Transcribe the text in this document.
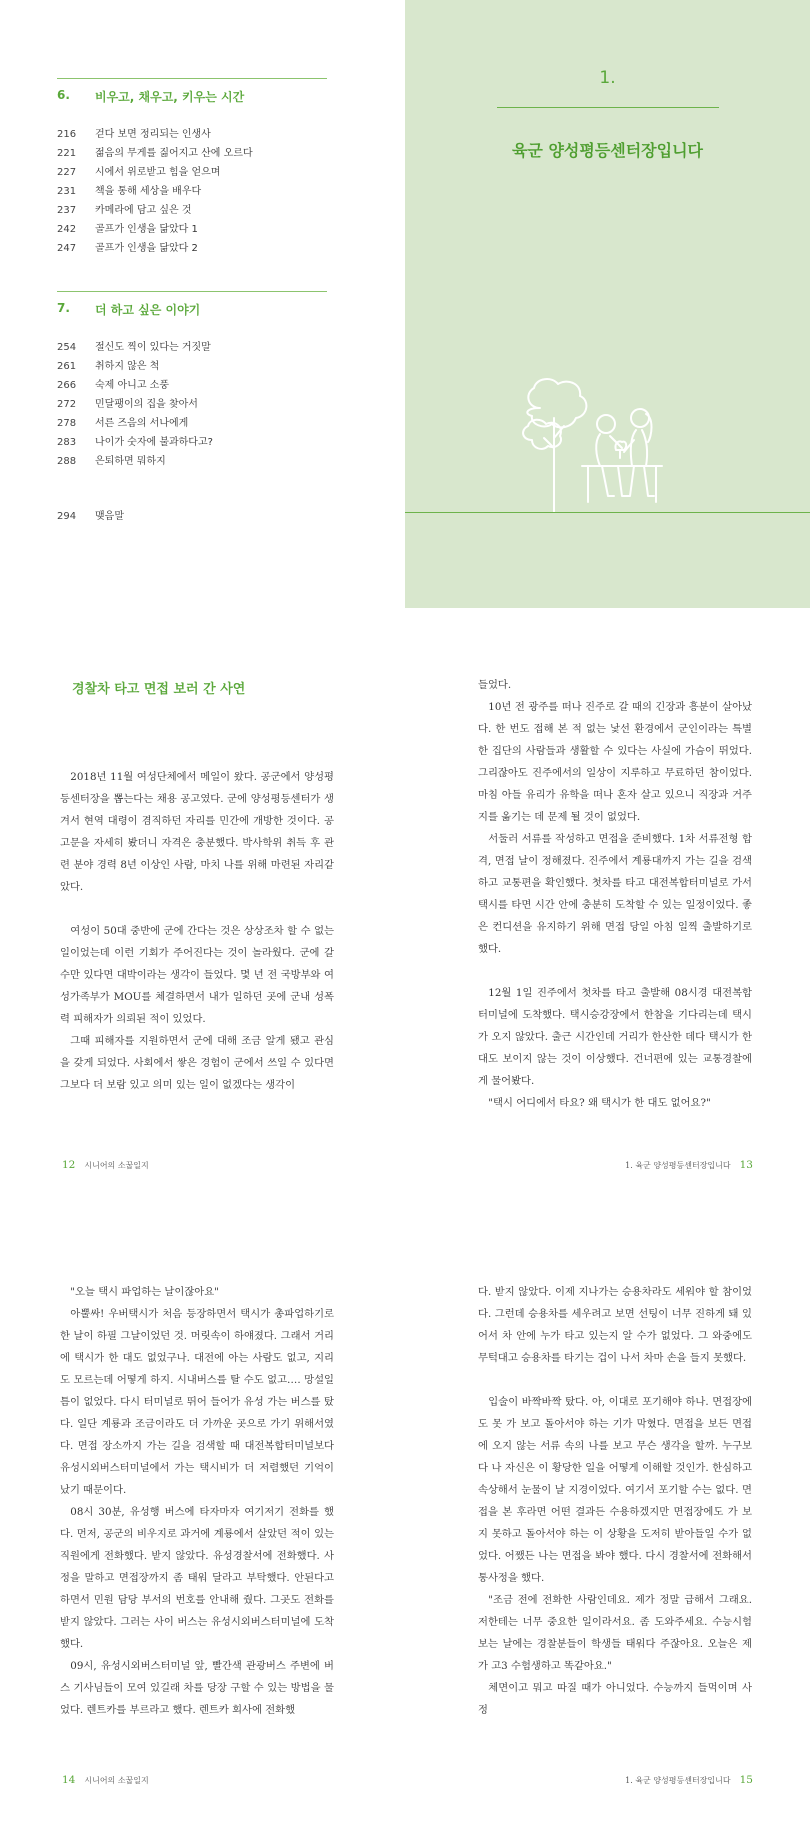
6.	비우고, 채우고, 키우는 시간
216	걷다 보면 정리되는 인생사
221	젊음의 무게를 짊어지고 산에 오르다
227	시에서 위로받고 힘을 얻으며
231	책을 통해 세상을 배우다
237	카메라에 담고 싶은 것
242	골프가 인생을 닮았다 1
247	골프가 인생을 닮았다 2
7.	더 하고 싶은 이야기
254	절신도 찍이 있다는 거짓말
261	취하지 않은 척
266	숙제 아니고 소풍
272	민달팽이의 집을 찾아서
278	서른 즈음의 서나에게
283	나이가 숫자에 불과하다고?
288	은퇴하면 뭐하지
294	맺음말
1.
육군 양성평등센터장입니다
경찰차 타고 면접 보러 간 사연

2018년 11월 여성단체에서 메일이 왔다. 공군에서 양성평등센터장을 뽑는다는 채용 공고였다. 군에 양성평등센터가 생겨서 현역 대령이 겸직하던 자리를 민간에 개방한 것이다. 공고문을 자세히 봤더니 자격은 충분했다. 박사학위 취득 후 관련 분야 경력 8년 이상인 사람, 마치 나를 위해 마련된 자리같았다.

여성이 50대 중반에 군에 간다는 것은 상상조차 할 수 없는 일이었는데 이런 기회가 주어진다는 것이 놀라웠다. 군에 갈 수만 있다면 대박이라는 생각이 들었다. 몇 년 전 국방부와 여성가족부가 MOU를 체결하면서 내가 일하던 곳에 군내 성폭력 피해자가 의뢰된 적이 있었다.

그때 피해자를 지원하면서 군에 대해 조금 알게 됐고 관심을 갖게 되었다. 사회에서 쌓은 경험이 군에서 쓰일 수 있다면 그보다 더 보람 있고 의미 있는 일이 없겠다는 생각이

12 시니어의 소꿉일지

들었다.

10년 전 광주를 떠나 진주로 갈 때의 긴장과 흥분이 살아났다. 한 번도 접해 본 적 없는 낯선 환경에서 군인이라는 특별한 집단의 사람들과 생활할 수 있다는 사실에 가슴이 뛰었다. 그리잖아도 진주에서의 일상이 지루하고 무료하던 참이었다. 마침 아들 유리가 유학을 떠나 혼자 살고 있으니 직장과 거주지를 옮기는 데 문제 될 것이 없었다.

서둘러 서류를 작성하고 면접을 준비했다. 1차 서류전형 합격, 면접 날이 정해졌다. 진주에서 계룡대까지 가는 길을 검색하고 교통편을 확인했다. 첫차를 타고 대전복합터미널로 가서 택시를 타면 시간 안에 충분히 도착할 수 있는 일정이었다. 좋은 컨디션을 유지하기 위해 면접 당일 아침 일찍 출발하기로 했다.

12월 1일 진주에서 첫차를 타고 출발해 08시경 대전복합터미널에 도착했다. 택시승강장에서 한참을 기다리는데 택시가 오지 않았다. 출근 시간인데 거리가 한산한 데다 택시가 한 대도 보이지 않는 것이 이상했다. 건너편에 있는 교통경찰에게 물어봤다.

"택시 어디에서 타요? 왜 택시가 한 대도 없어요?"

1. 육군 양성평등센터장입니다 13

"오늘 택시 파업하는 날이잖아요"

아뿔싸! 우버택시가 처음 등장하면서 택시가 총파업하기로 한 날이 하필 그날이었던 것. 머릿속이 하얘졌다. 그래서 거리에 택시가 한 대도 없었구나. 대전에 아는 사람도 없고, 지리도 모르는데 어떻게 하지. 시내버스를 탈 수도 없고…. 망설일 틈이 없었다. 다시 터미널로 뛰어 들어가 유성 가는 버스를 탔다. 일단 계룡과 조금이라도 더 가까운 곳으로 가기 위해서였다. 면접 장소까지 가는 길을 검색할 때 대전복합터미널보다 유성시외버스터미널에서 가는 택시비가 더 저렴했던 기억이 났기 때문이다.

08시 30분, 유성행 버스에 타자마자 여기저기 전화를 했다. 먼저, 공군의 비우지로 과거에 계룡에서 살았던 적이 있는 직원에게 전화했다. 받지 않았다. 유성경찰서에 전화했다. 사정을 말하고 면접장까지 좀 태워 달라고 부탁했다. 안된다고 하면서 민원 담당 부서의 번호를 안내해 줬다. 그곳도 전화를 받지 않았다. 그러는 사이 버스는 유성시외버스터미널에 도착했다.

09시, 유성시외버스터미널 앞, 빨간색 관광버스 주변에 버스 기사님들이 모여 있길래 차를 당장 구할 수 있는 방법을 물었다. 렌트카를 부르라고 했다. 렌트카 회사에 전화했

14 시니어의 소꿉일지

다. 받지 않았다. 이제 지나가는 승용차라도 세워야 할 참이었다. 그런데 승용차를 세우려고 보면 선팅이 너무 진하게 돼 있어서 차 안에 누가 타고 있는지 알 수가 없었다. 그 와중에도 무턱대고 승용차를 타기는 겁이 나서 차마 손을 들지 못했다.

입술이 바짝바짝 탔다. 아, 이대로 포기해야 하나. 면접장에도 못 가 보고 돌아서야 하는 기가 막혔다. 면접을 보든 면접에 오지 않는 서류 속의 나를 보고 무슨 생각을 할까. 누구보다 나 자신은 이 황당한 일을 어떻게 이해할 것인가. 한심하고 속상해서 눈물이 날 지경이었다. 여기서 포기할 수는 없다. 면접을 본 후라면 어떤 결과든 수용하겠지만 면접장에도 가 보지 못하고 돌아서야 하는 이 상황을 도저히 받아들일 수가 없었다. 어쨌든 나는 면접을 봐야 했다. 다시 경찰서에 전화해서 통사정을 했다.

"조금 전에 전화한 사람인데요. 제가 정말 급해서 그래요. 저한테는 너무 중요한 일이라서요. 좀 도와주세요. 수능시험 보는 날에는 경찰분들이 학생들 태워다 주잖아요. 오늘은 제가 고3 수험생하고 똑같아요."

체면이고 뭐고 따질 때가 아니었다. 수능까지 들먹이며 사정

1. 육군 양성평등센터장입니다 15
